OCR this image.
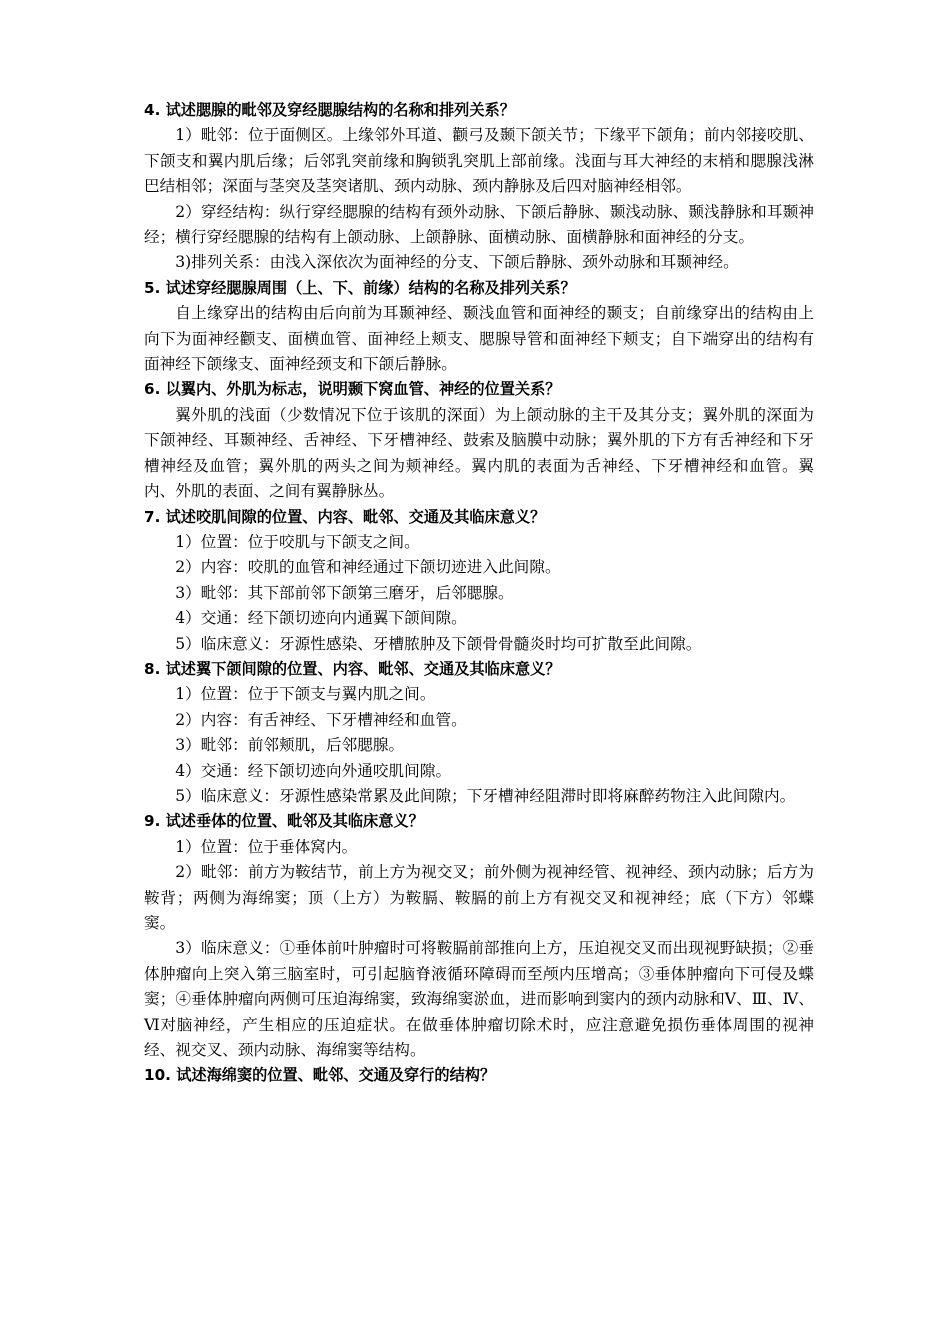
4. 试述腮腺的毗邻及穿经腮腺结构的名称和排列关系？

1）毗邻：位于面侧区。上缘邻外耳道、颧弓及颞下颌关节；下缘平下颌角；前内邻接咬肌、下颌支和翼内肌后缘；后邻乳突前缘和胸锁乳突肌上部前缘。浅面与耳大神经的末梢和腮腺浅淋巴结相邻；深面与茎突及茎突诸肌、颈内动脉、颈内静脉及后四对脑神经相邻。

2）穿经结构：纵行穿经腮腺的结构有颈外动脉、下颌后静脉、颞浅动脉、颞浅静脉和耳颞神经；横行穿经腮腺的结构有上颌动脉、上颌静脉、面横动脉、面横静脉和面神经的分支。

3)排列关系：由浅入深依次为面神经的分支、下颌后静脉、颈外动脉和耳颞神经。

5. 试述穿经腮腺周围（上、下、前缘）结构的名称及排列关系？

自上缘穿出的结构由后向前为耳颞神经、颞浅血管和面神经的颞支；自前缘穿出的结构由上向下为面神经颧支、面横血管、面神经上颊支、腮腺导管和面神经下颊支；自下端穿出的结构有面神经下颌缘支、面神经颈支和下颌后静脉。

6. 以翼内、外肌为标志，说明颞下窝血管、神经的位置关系？

翼外肌的浅面（少数情况下位于该肌的深面）为上颌动脉的主干及其分支；翼外肌的深面为下颌神经、耳颞神经、舌神经、下牙槽神经、鼓索及脑膜中动脉；翼外肌的下方有舌神经和下牙槽神经及血管；翼外肌的两头之间为颊神经。翼内肌的表面为舌神经、下牙槽神经和血管。翼内、外肌的表面、之间有翼静脉丛。

7. 试述咬肌间隙的位置、内容、毗邻、交通及其临床意义？

1）位置：位于咬肌与下颌支之间。

2）内容：咬肌的血管和神经通过下颌切迹进入此间隙。

3）毗邻：其下部前邻下颌第三磨牙，后邻腮腺。

4）交通：经下颌切迹向内通翼下颌间隙。

5）临床意义：牙源性感染、牙槽脓肿及下颌骨骨髓炎时均可扩散至此间隙。

8. 试述翼下颌间隙的位置、内容、毗邻、交通及其临床意义？

1）位置：位于下颌支与翼内肌之间。

2）内容：有舌神经、下牙槽神经和血管。

3）毗邻：前邻颊肌，后邻腮腺。

4）交通：经下颌切迹向外通咬肌间隙。

5）临床意义：牙源性感染常累及此间隙；下牙槽神经阻滞时即将麻醉药物注入此间隙内。

9. 试述垂体的位置、毗邻及其临床意义？

1）位置：位于垂体窝内。

2）毗邻：前方为鞍结节，前上方为视交叉；前外侧为视神经管、视神经、颈内动脉；后方为鞍背；两侧为海绵窦；顶（上方）为鞍膈、鞍膈的前上方有视交叉和视神经；底（下方）邻蝶窦。

3）临床意义：①垂体前叶肿瘤时可将鞍膈前部推向上方，压迫视交叉而出现视野缺损；②垂体肿瘤向上突入第三脑室时，可引起脑脊液循环障碍而至颅内压增高；③垂体肿瘤向下可侵及蝶窦；④垂体肿瘤向两侧可压迫海绵窦，致海绵窦淤血，进而影响到窦内的颈内动脉和Ⅴ、Ⅲ、Ⅳ、Ⅵ对脑神经，产生相应的压迫症状。在做垂体肿瘤切除术时，应注意避免损伤垂体周围的视神经、视交叉、颈内动脉、海绵窦等结构。

10. 试述海绵窦的位置、毗邻、交通及穿行的结构？
